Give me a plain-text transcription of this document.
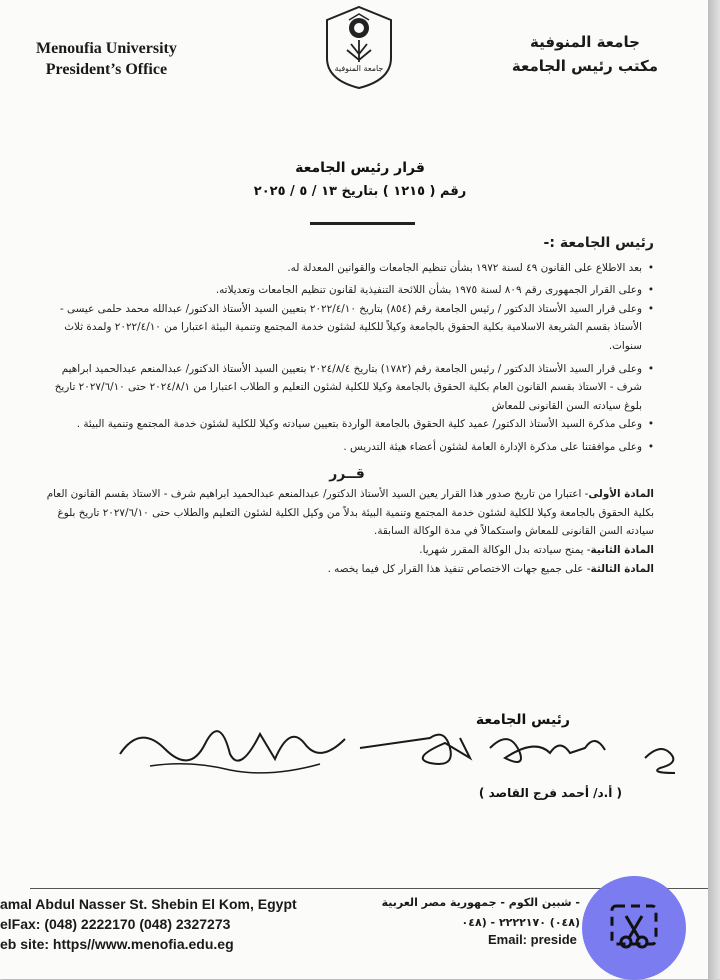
Menoufia University
President’s Office	جامعة المنوفية
جامعة المنوفية
مكتب رئيس الجامعة
قرار رئيس الجامعة
رقم ( ١٢١٥ ) بتاريخ ١٣ / ٥ / ٢٠٢٥

رئيس الجامعة :-

•
بعد الاطلاع على القانون ٤٩ لسنة ١٩٧٢ بشأن تنظيم الجامعات والقوانين المعدلة له.

•
وعلى القرار الجمهورى رقم ٨٠٩ لسنة ١٩٧٥ بشأن اللائحة التنفيذية لقانون تنظيم الجامعات وتعديلاته.

•
وعلى قرار السيد الأستاذ الدكتور / رئيس الجامعة رقم (٨٥٤) بتاريخ ٢٠٢٢/٤/١٠ بتعيين السيد الأستاذ الدكتور/ عبدالله محمد حلمى عيسى - الأستاذ بقسم الشريعة الاسلامية بكلية الحقوق بالجامعة وكيلاً للكلية لشئون خدمة المجتمع وتنمية البيئة اعتبارا من ٢٠٢٢/٤/١٠ ولمدة ثلاث سنوات.

•
وعلى قرار السيد الأستاذ الدكتور / رئيس الجامعة رقم (١٧٨٢) بتاريخ ٢٠٢٤/٨/٤ بتعيين السيد الأستاذ الدكتور/ عبدالمنعم عبدالحميد ابراهيم شرف - الاستاذ بقسم القانون العام بكلية الحقوق بالجامعة وكيلا للكلية لشئون التعليم و الطلاب اعتبارا من ٢٠٢٤/٨/١ حتى ٢٠٢٧/٦/١٠ تاريخ بلوغ سيادته السن القانونى للمعاش

•
وعلى مذكرة السيد الأستاذ الدكتور/ عميد كلية الحقوق بالجامعة الواردة بتعيين سيادته وكيلا للكلية لشئون خدمة المجتمع وتنمية البيئة .

•
وعلى موافقتنا على مذكرة الإدارة العامة لشئون أعضاء هيئة التدريس .

قــرر

المادة الأولى- اعتبارا من تاريخ صدور هذا القرار يعين السيد الأستاذ الدكتور/ عبدالمنعم عبدالحميد ابراهيم شرف - الاستاذ بقسم القانون العام بكلية الحقوق بالجامعة وكيلا للكلية لشئون خدمة المجتمع وتنمية البيئة بدلاً من وكيل الكلية لشئون التعليم والطلاب حتى ٢٠٢٧/٦/١٠ تاريخ بلوغ سيادته السن القانونى للمعاش واستكمالاً في مدة الوكالة السابقة.

المادة الثانية- يمنح سيادته بدل الوكالة المقرر شهريا.

المادة الثالثة- على جميع جهات الاختصاص تنفيذ هذا القرار كل فيما يخصه .

رئيس الجامعة
( أ.د/ أحمد فرج القاصد )
amal Abdul Nasser St. Shebin El Kom, Egypt
elFax: (048) 2222170 (048) 2327273
eb site: https//www.menofia.edu.eg
- شبين الكوم - جمهورية مصر العربية
(٠٤٨) ٢٢٢٢١٧٠ - (٠٤٨
Email: preside
